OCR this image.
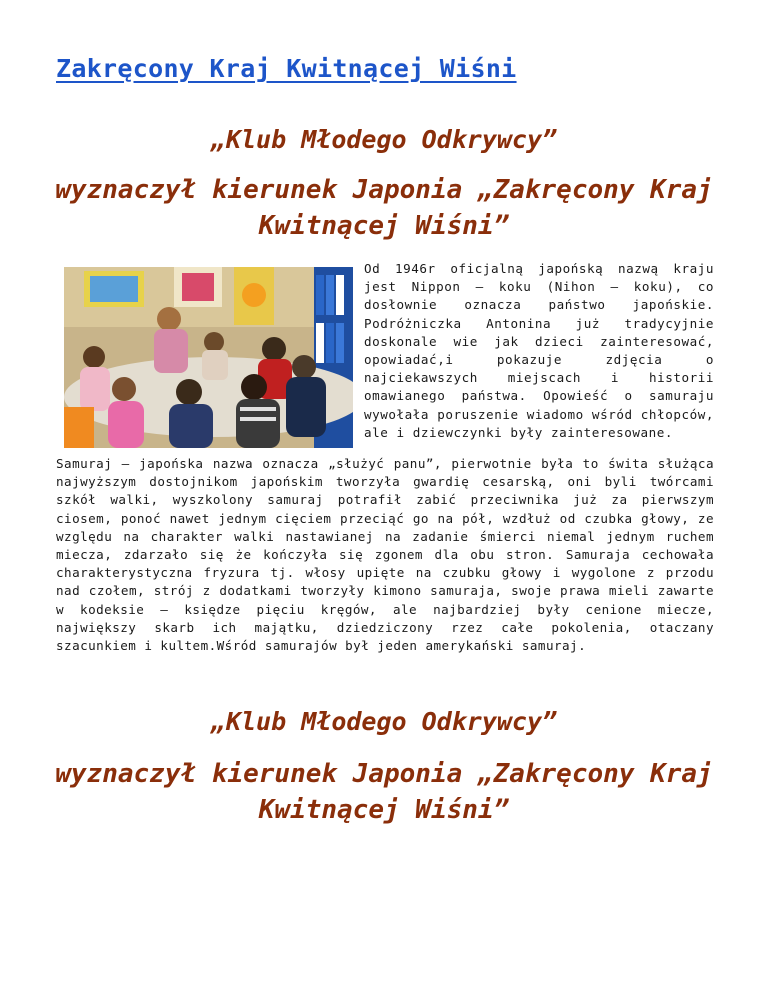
Zakręcony Kraj Kwitnącej Wiśni
„Klub Młodego Odkrywcy”
wyznaczył kierunek Japonia „Zakręcony Kraj Kwitnącej Wiśni”

Od 1946r oficjalną japońską nazwą kraju jest Nippon – koku (Nihon – koku), co dosłownie oznacza państwo japońskie. Podróżniczka Antonina już tradycyjnie doskonale wie jak dzieci zainteresować, opowiadać,i pokazuje zdjęcia o najciekawszych miejscach i historii omawianego państwa. Opowieść o samuraju wywołała poruszenie wiadomo wśród chłopców, ale i dziewczynki były zainteresowane.

Samuraj – japońska nazwa oznacza „służyć panu”, pierwotnie była to świta służąca najwyższym dostojnikom japońskim tworzyła gwardię cesarską, oni byli twórcami szkół walki, wyszkolony samuraj potrafił zabić przeciwnika już za pierwszym ciosem, ponoć nawet jednym cięciem przeciąć go na pół, wzdłuż od czubka głowy, ze względu na charakter walki nastawianej na zadanie śmierci niemal jednym ruchem miecza, zdarzało się że kończyła się zgonem dla obu stron. Samuraja cechowała charakterystyczna fryzura tj. włosy upięte na czubku głowy i wygolone z przodu nad czołem, strój z dodatkami tworzyły kimono samuraja, swoje prawa mieli zawarte w kodeksie – księdze pięciu kręgów, ale najbardziej były cenione miecze, największy skarb ich majątku, dziedziczony rzez całe pokolenia, otaczany szacunkiem i kultem.Wśród samurajów był jeden amerykański samuraj.

„Klub Młodego Odkrywcy”
wyznaczył kierunek Japonia „Zakręcony Kraj Kwitnącej Wiśni”
